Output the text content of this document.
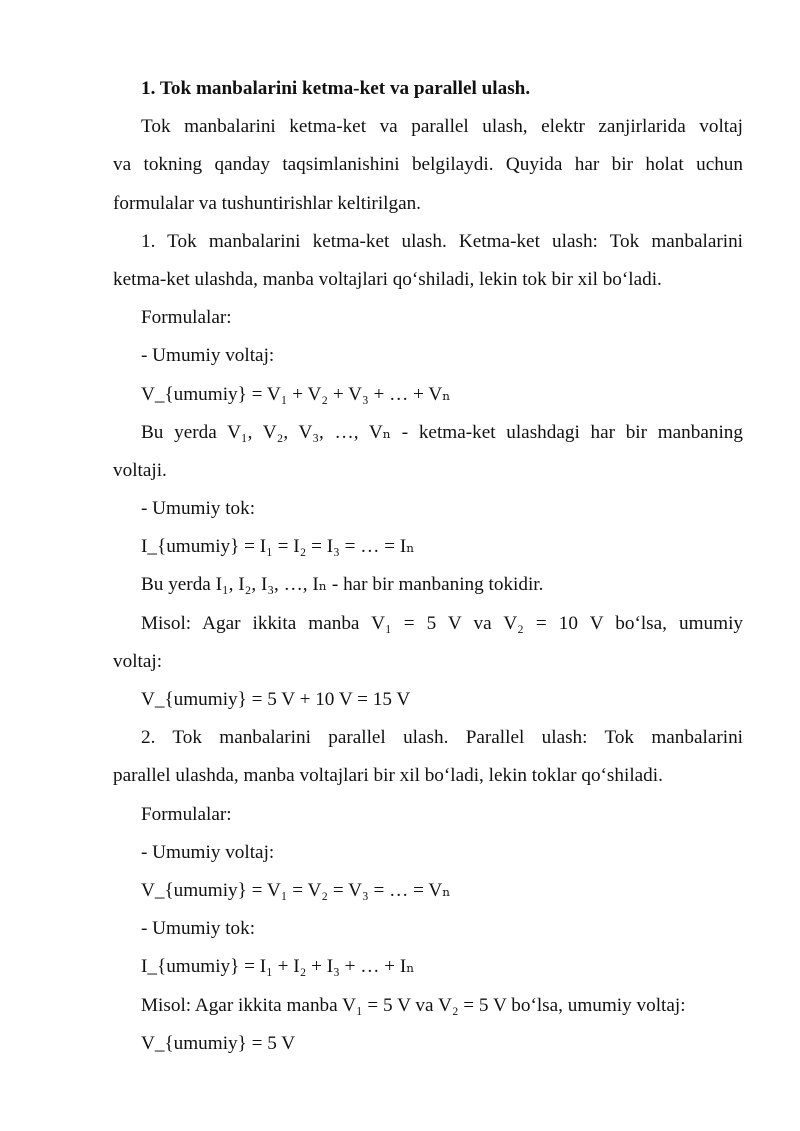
1. Tok manbalarini ketma-ket va parallel ulash.
Tok manbalarini ketma-ket va parallel ulash, elektr zanjirlarida voltaj
va tokning qanday taqsimlanishini belgilaydi. Quyida har bir holat uchun
formulalar va tushuntirishlar keltirilgan.
1. Tok manbalarini ketma-ket ulash. Ketma-ket ulash: Tok manbalarini
ketma-ket ulashda, manba voltajlari qo‘shiladi, lekin tok bir xil bo‘ladi.
Formulalar:
- Umumiy voltaj:
V_{umumiy} = V₁ + V₂ + V₃ + … + Vₙ
Bu yerda V₁, V₂, V₃, …, Vₙ - ketma-ket ulashdagi har bir manbaning
voltaji.
- Umumiy tok:
I_{umumiy} = I₁ = I₂ = I₃ = … = Iₙ
Bu yerda I₁, I₂, I₃, …, Iₙ - har bir manbaning tokidir.
Misol: Agar ikkita manba V₁ = 5 V va V₂ = 10 V bo‘lsa, umumiy
voltaj:
V_{umumiy} = 5 V + 10 V = 15 V
2. Tok manbalarini parallel ulash. Parallel ulash: Tok manbalarini
parallel ulashda, manba voltajlari bir xil bo‘ladi, lekin toklar qo‘shiladi.
Formulalar:
- Umumiy voltaj:
V_{umumiy} = V₁ = V₂ = V₃ = … = Vₙ
- Umumiy tok:
I_{umumiy} = I₁ + I₂ + I₃ + … + Iₙ
Misol: Agar ikkita manba V₁ = 5 V va V₂ = 5 V bo‘lsa, umumiy voltaj:
V_{umumiy} = 5 V
